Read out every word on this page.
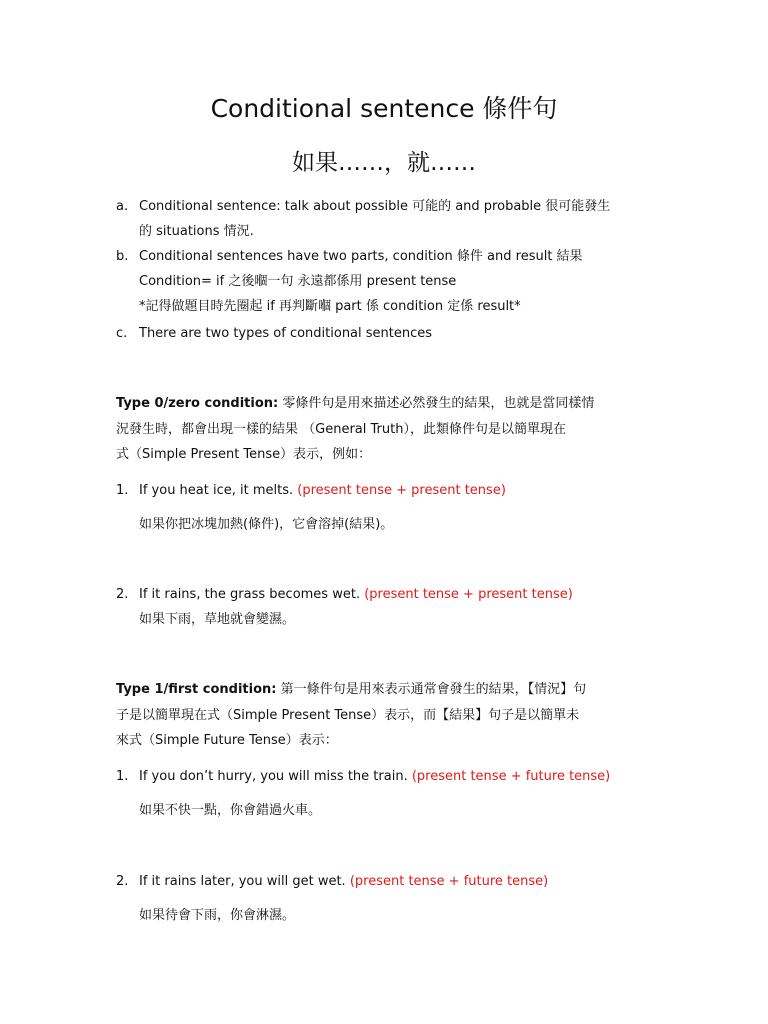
Conditional sentence 條件句
如果……，就……
a. Conditional sentence: talk about possible 可能的 and probable 很可能發生
的 situations 情況.
b. Conditional sentences have two parts, condition 條件 and result 結果
Condition= if 之後嗰一句 永遠都係用 present tense
*記得做題目時先圈起 if 再判斷嗰 part 係 condition 定係 result*
c. There are two types of conditional sentences
Type 0/zero condition: 零條件句是用來描述必然發生的結果，也就是當同樣情
況發生時，都會出現一樣的結果 （General Truth），此類條件句是以簡單現在
式（Simple Present Tense）表示，例如：
1. If you heat ice, it melts. (present tense + present tense)
如果你把冰塊加熱(條件)，它會溶掉(結果)。
2. If it rains, the grass becomes wet. (present tense + present tense)
如果下雨，草地就會變濕。
Type 1/first condition: 第一條件句是用來表示通常會發生的結果，【情況】句
子是以簡單現在式（Simple Present Tense）表示，而【結果】句子是以簡單未
來式（Simple Future Tense）表示：
1. If you don’t hurry, you will miss the train. (present tense + future tense)
如果不快一點，你會錯過火車。
2. If it rains later, you will get wet. (present tense + future tense)
如果待會下雨，你會淋濕。
